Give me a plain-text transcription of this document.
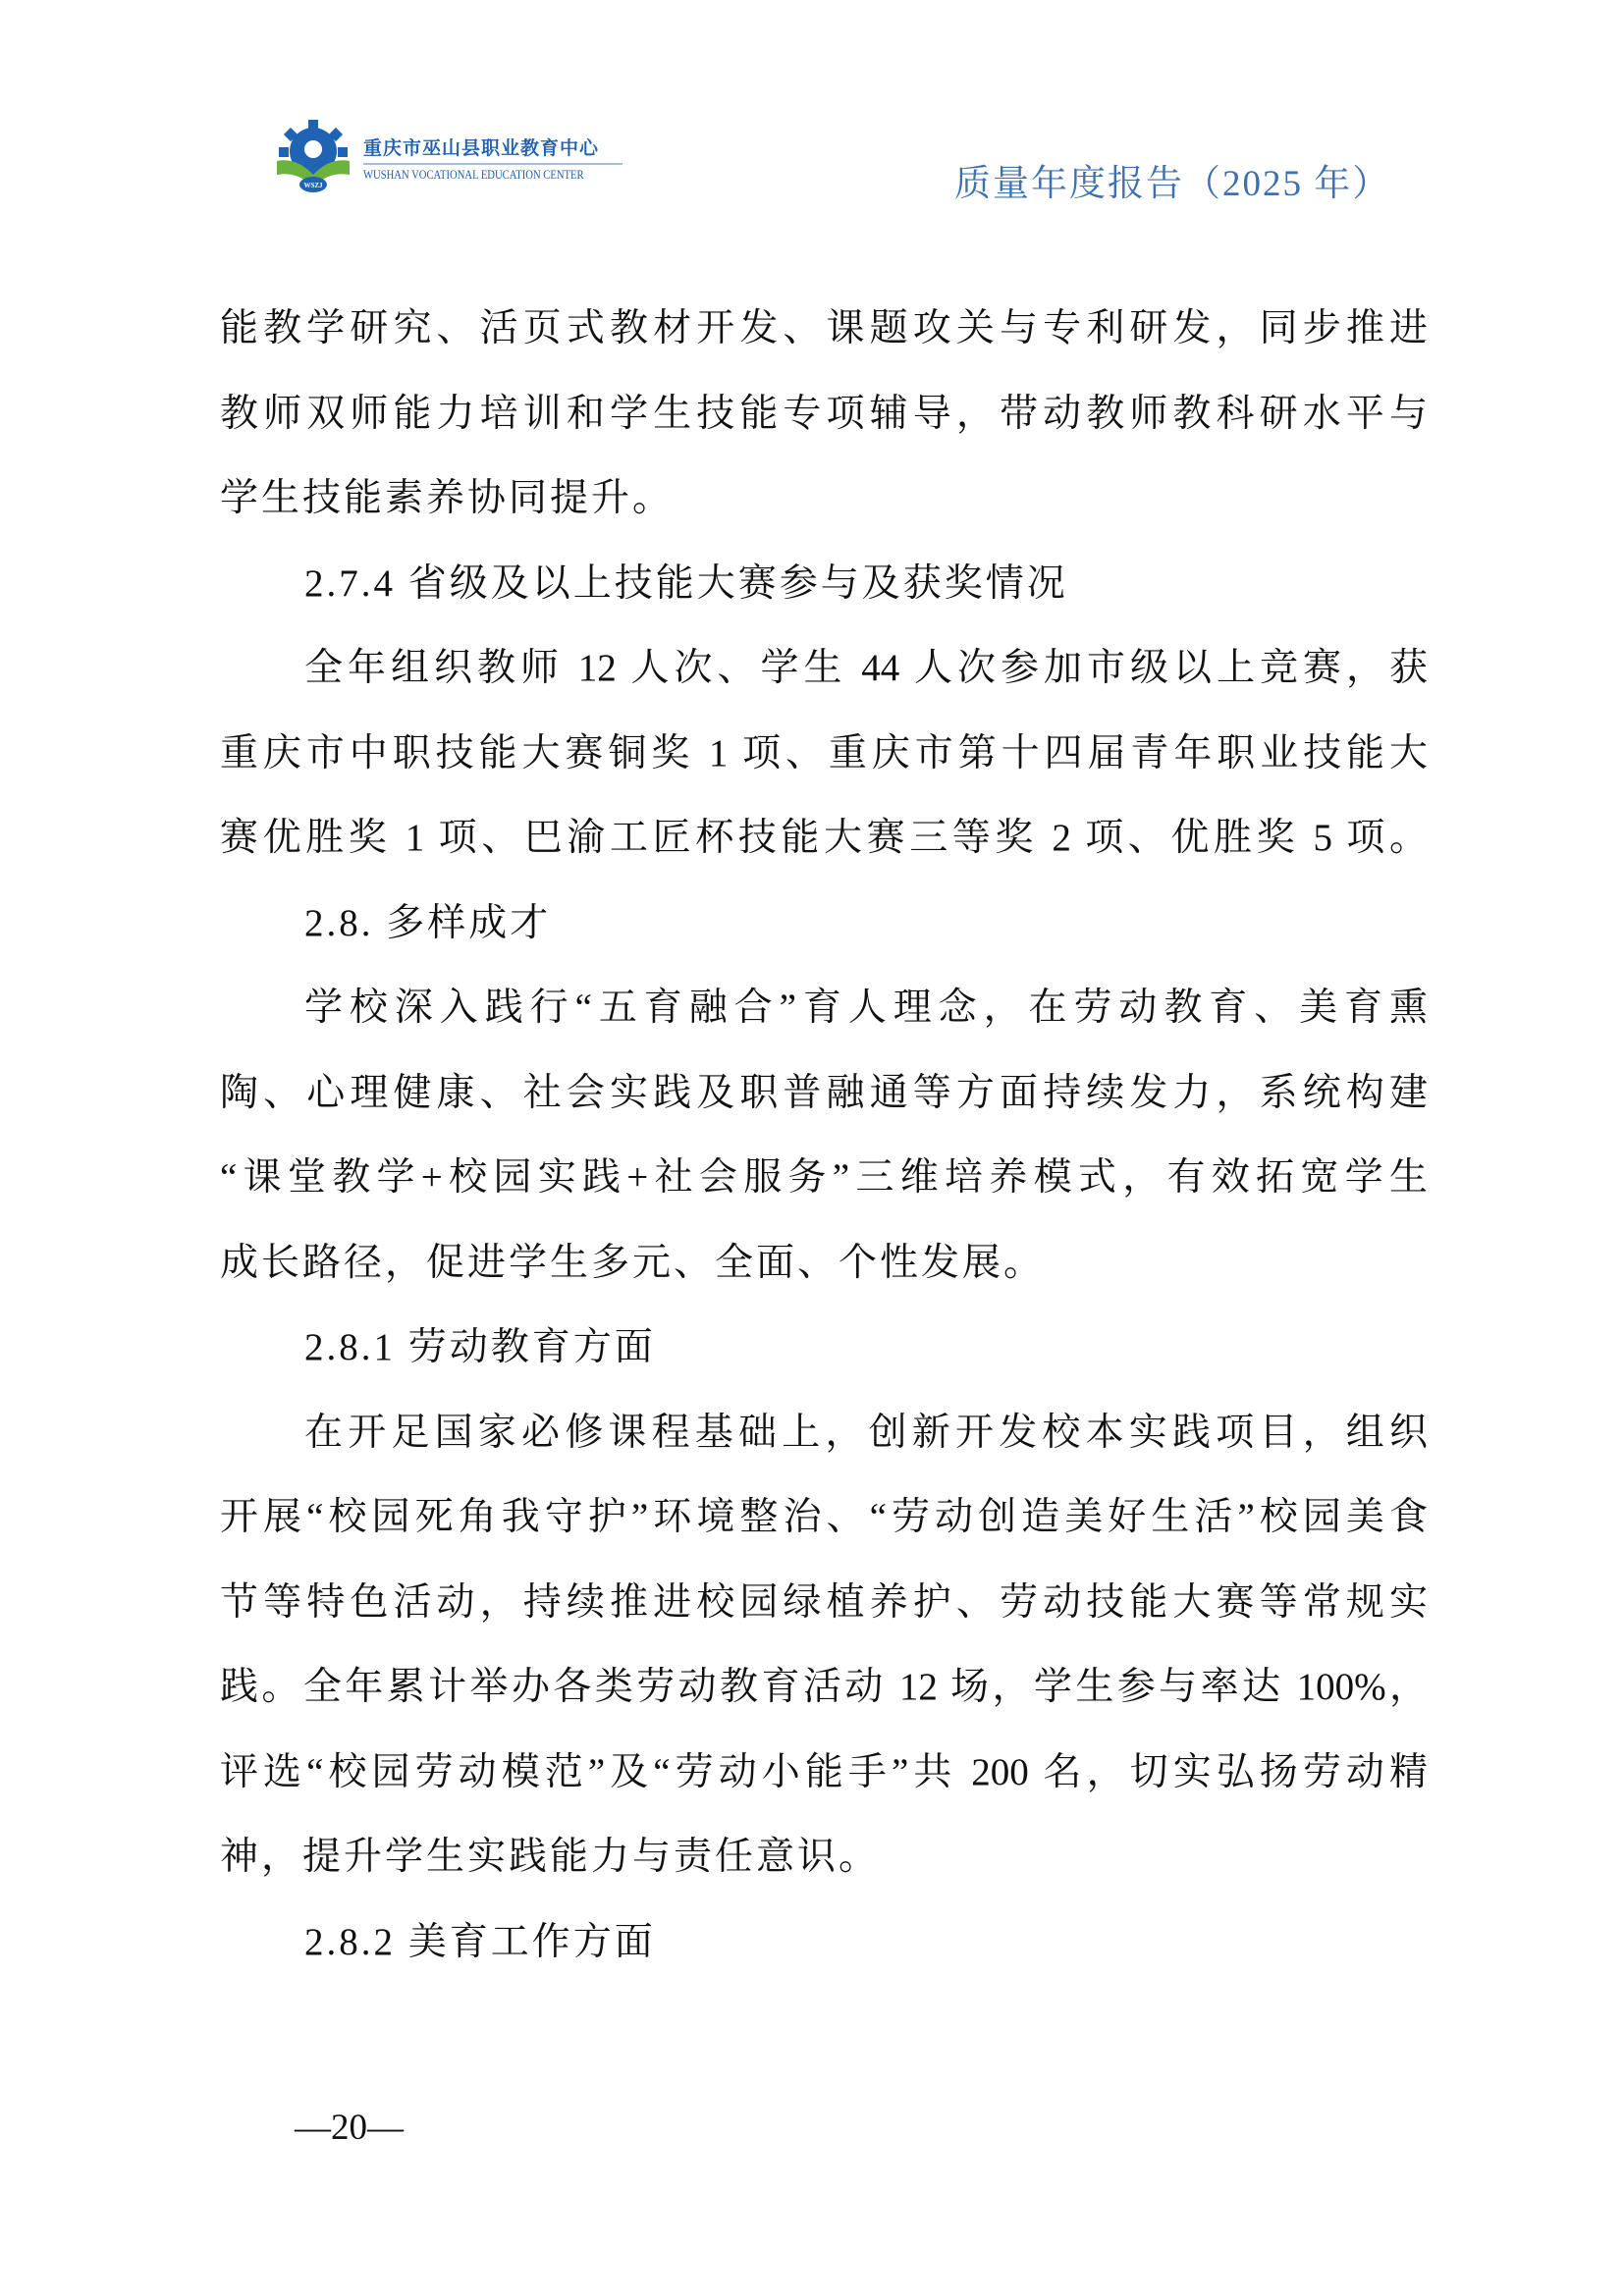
WSZJ
重庆市巫山县职业教育中心
WUSHAN VOCATIONAL EDUCATION CENTER	质量年度报告（2025 年）
能教学研究、活页式教材开发、课题攻关与专利研发，同步推进
教师双师能力培训和学生技能专项辅导，带动教师教科研水平与
学生技能素养协同提升。
2.7.4 省级及以上技能大赛参与及获奖情况
全年组织教师 12 人次、学生 44 人次参加市级以上竞赛，获
重庆市中职技能大赛铜奖 1 项、重庆市第十四届青年职业技能大
赛优胜奖 1 项、巴渝工匠杯技能大赛三等奖 2 项、优胜奖 5 项。
2.8. 多样成才
学校深入践行“五育融合”育人理念，在劳动教育、美育熏
陶、心理健康、社会实践及职普融通等方面持续发力，系统构建
“课堂教学+校园实践+社会服务”三维培养模式，有效拓宽学生
成长路径，促进学生多元、全面、个性发展。
2.8.1 劳动教育方面
在开足国家必修课程基础上，创新开发校本实践项目，组织
开展“校园死角我守护”环境整治、“劳动创造美好生活”校园美食
节等特色活动，持续推进校园绿植养护、劳动技能大赛等常规实
践。全年累计举办各类劳动教育活动 12 场，学生参与率达 100%，
评选“校园劳动模范”及“劳动小能手”共 200 名，切实弘扬劳动精
神，提升学生实践能力与责任意识。
2.8.2 美育工作方面
—20—
